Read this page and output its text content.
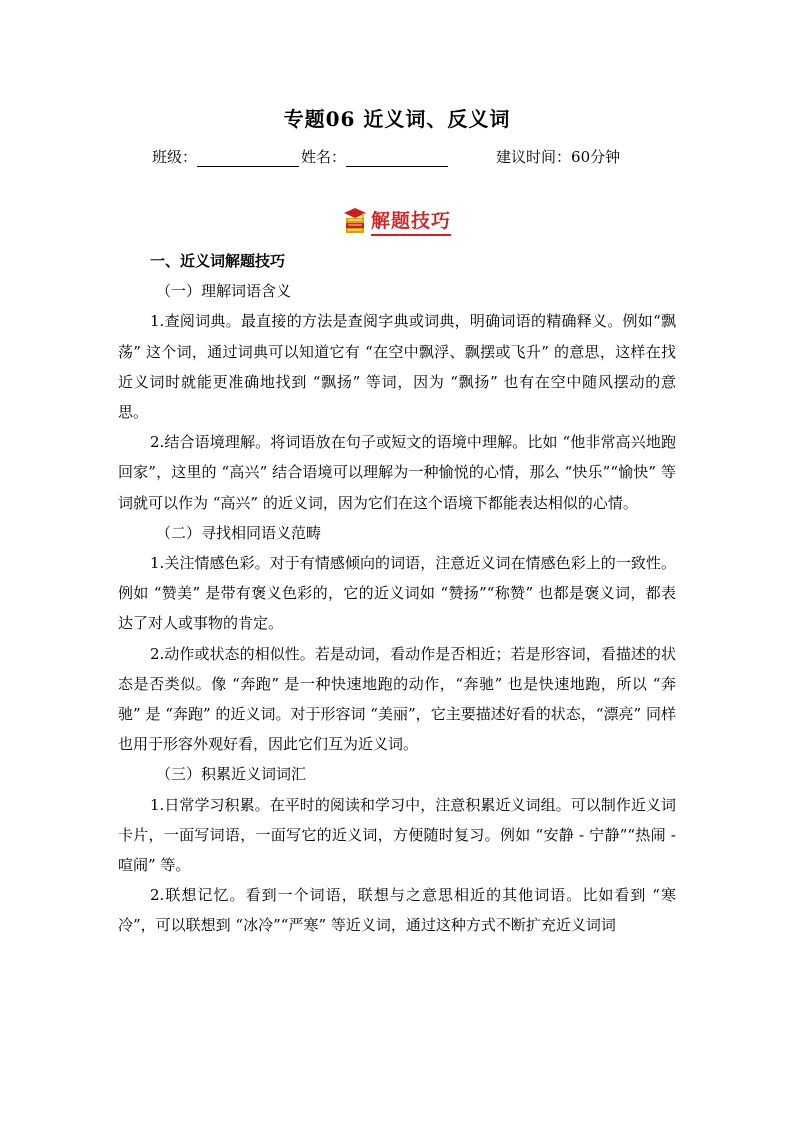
专题06 近义词、反义词
班级：	姓名：	建议时间：60分钟
解题技巧

一、近义词解题技巧

（一）理解词语含义

1.查阅词典。最直接的方法是查阅字典或词典，明确词语的精确释义。例如“飘荡” 这个词，通过词典可以知道它有 “在空中飘浮、飘摆或飞升” 的意思，这样在找近义词时就能更准确地找到 “飘扬” 等词，因为 “飘扬” 也有在空中随风摆动的意思。

2.结合语境理解。将词语放在句子或短文的语境中理解。比如 “他非常高兴地跑回家”，这里的 “高兴” 结合语境可以理解为一种愉悦的心情，那么 “快乐”“愉快” 等词就可以作为 “高兴” 的近义词，因为它们在这个语境下都能表达相似的心情。

（二）寻找相同语义范畴

1.关注情感色彩。对于有情感倾向的词语，注意近义词在情感色彩上的一致性。例如 “赞美” 是带有褒义色彩的，它的近义词如 “赞扬”“称赞” 也都是褒义词，都表达了对人或事物的肯定。

2.动作或状态的相似性。若是动词，看动作是否相近；若是形容词，看描述的状态是否类似。像 “奔跑” 是一种快速地跑的动作，“奔驰” 也是快速地跑，所以 “奔驰” 是 “奔跑” 的近义词。对于形容词 “美丽”，它主要描述好看的状态，“漂亮” 同样也用于形容外观好看，因此它们互为近义词。

（三）积累近义词词汇

1.日常学习积累。在平时的阅读和学习中，注意积累近义词组。可以制作近义词卡片，一面写词语，一面写它的近义词，方便随时复习。例如 “安静 - 宁静”“热闹 - 喧闹” 等。

2.联想记忆。看到一个词语，联想与之意思相近的其他词语。比如看到 “寒冷”，可以联想到 “冰冷”“严寒” 等近义词，通过这种方式不断扩充近义词词
